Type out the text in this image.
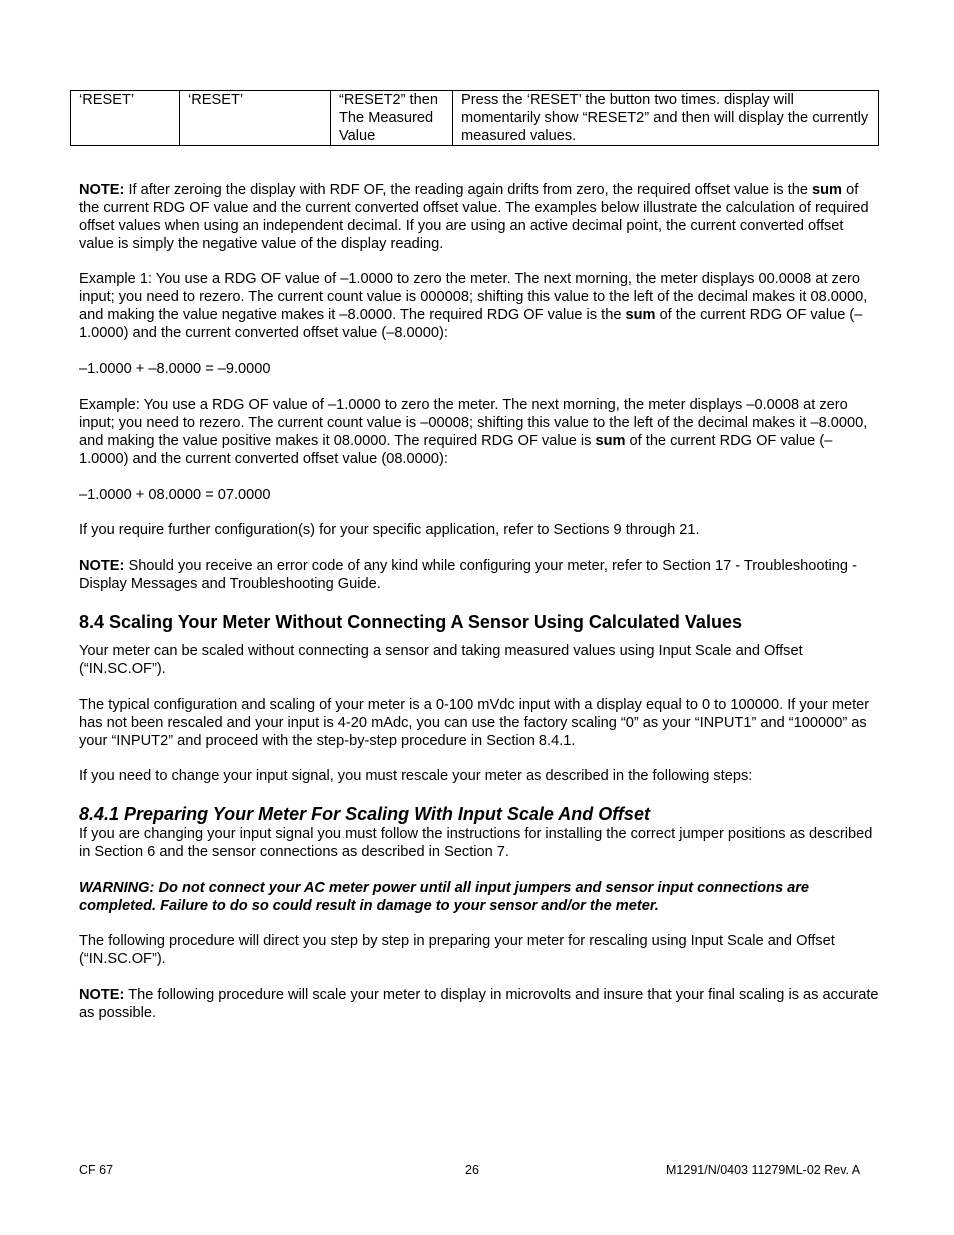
‘RESET’	‘RESET’	“RESET2” then The Measured Value	Press the ‘RESET’ the button two times. display will momentarily show “RESET2” and then will display the currently measured values.

NOTE: If after zeroing the display with RDF OF, the reading again drifts from zero, the required offset value is the sum of the current RDG OF value and the current converted offset value. The examples below illustrate the calculation of required offset values when using an independent decimal. If you are using an active decimal point, the current converted offset value is simply the negative value of the display reading.

Example 1: You use a RDG OF value of –1.0000 to zero the meter. The next morning, the meter displays 00.0008 at zero input; you need to rezero. The current count value is 000008; shifting this value to the left of the decimal makes it 08.0000, and making the value negative makes it –8.0000. The required RDG OF value is the sum of the current RDG OF value (–1.0000) and the current converted offset value (–8.0000):

–1.0000 + –8.0000 = –9.0000

Example: You use a RDG OF value of –1.0000 to zero the meter. The next morning, the meter displays –0.0008 at zero input; you need to rezero. The current count value is –00008; shifting this value to the left of the decimal makes it –8.0000, and making the value positive makes it 08.0000. The required RDG OF value is sum of the current RDG OF value (–1.0000) and the current converted offset value (08.0000):

–1.0000 + 08.0000 = 07.0000

If you require further configuration(s) for your specific application, refer to Sections 9 through 21.

NOTE: Should you receive an error code of any kind while configuring your meter, refer to Section 17 - Troubleshooting -Display Messages and Troubleshooting Guide.

8.4 Scaling Your Meter Without Connecting A Sensor Using Calculated Values

Your meter can be scaled without connecting a sensor and taking measured values using Input Scale and Offset (“IN.SC.OF”).

The typical configuration and scaling of your meter is a 0-100 mVdc input with a display equal to 0 to 100000. If your meter has not been rescaled and your input is 4-20 mAdc, you can use the factory scaling “0” as your “INPUT1” and “100000” as your “INPUT2” and proceed with the step-by-step procedure in Section 8.4.1.

If you need to change your input signal, you must rescale your meter as described in the following steps:

8.4.1 Preparing Your Meter For Scaling With Input Scale And Offset

If you are changing your input signal you must follow the instructions for installing the correct jumper positions as described in Section 6 and the sensor connections as described in Section 7.

WARNING: Do not connect your AC meter power until all input jumpers and sensor input connections are completed. Failure to do so could result in damage to your sensor and/or the meter.

The following procedure will direct you step by step in preparing your meter for rescaling using Input Scale and Offset (“IN.SC.OF”).

NOTE: The following procedure will scale your meter to display in microvolts and insure that your final scaling is as accurate as possible.

CF 67	26	M1291/N/0403 11279ML-02 Rev. A
